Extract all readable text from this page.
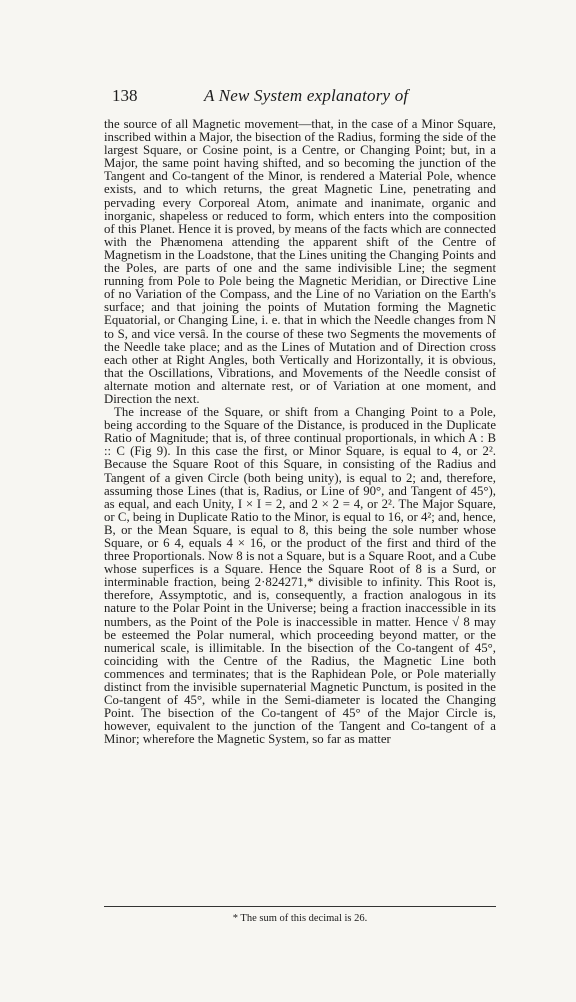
138	A New System explanatory of

the source of all Magnetic movement—that, in the case of a Minor Square, inscribed within a Major, the bisection of the Radius, forming the side of the largest Square, or Cosine point, is a Centre, or Changing Point; but, in a Major, the same point having shifted, and so becoming the junction of the Tangent and Co-tangent of the Minor, is rendered a Material Pole, whence exists, and to which returns, the great Magnetic Line, penetrating and pervading every Corporeal Atom, animate and inanimate, organic and inorganic, shapeless or reduced to form, which enters into the composition of this Planet. Hence it is proved, by means of the facts which are connected with the Phænomena attending the apparent shift of the Centre of Magnetism in the Loadstone, that the Lines uniting the Changing Points and the Poles, are parts of one and the same indivisible Line; the segment running from Pole to Pole being the Magnetic Meridian, or Directive Line of no Variation of the Compass, and the Line of no Variation on the Earth's surface; and that joining the points of Mutation forming the Magnetic Equatorial, or Changing Line, i. e. that in which the Needle changes from N to S, and vice versâ. In the course of these two Segments the movements of the Needle take place; and as the Lines of Mutation and of Direction cross each other at Right Angles, both Vertically and Horizontally, it is obvious, that the Oscillations, Vibrations, and Movements of the Needle consist of alternate motion and alternate rest, or of Variation at one moment, and Direction the next.

The increase of the Square, or shift from a Changing Point to a Pole, being according to the Square of the Distance, is produced in the Duplicate Ratio of Magnitude; that is, of three continual proportionals, in which A : B :: C (Fig 9). In this case the first, or Minor Square, is equal to 4, or 2². Because the Square Root of this Square, in consisting of the Radius and Tangent of a given Circle (both being unity), is equal to 2; and, therefore, assuming those Lines (that is, Radius, or Line of 90°, and Tangent of 45°), as equal, and each Unity, I × I = 2, and 2 × 2 = 4, or 2². The Major Square, or C, being in Duplicate Ratio to the Minor, is equal to 16, or 4²; and, hence, B, or the Mean Square, is equal to 8, this being the sole number whose Square, or 6 4, equals 4 × 16, or the product of the first and third of the three Proportionals. Now 8 is not a Square, but is a Square Root, and a Cube whose superfices is a Square. Hence the Square Root of 8 is a Surd, or interminable fraction, being 2·824271,* divisible to infinity. This Root is, therefore, Assymptotic, and is, consequently, a fraction analogous in its nature to the Polar Point in the Universe; being a fraction inaccessible in its numbers, as the Point of the Pole is inaccessible in matter. Hence √ 8 may be esteemed the Polar numeral, which proceeding beyond matter, or the numerical scale, is illimitable. In the bisection of the Co-tangent of 45°, coinciding with the Centre of the Radius, the Magnetic Line both commences and terminates; that is the Raphidean Pole, or Pole materially distinct from the invisible supernaterial Magnetic Punctum, is posited in the Co-tangent of 45°, while in the Semi-diameter is located the Changing Point. The bisection of the Co-tangent of 45° of the Major Circle is, however, equivalent to the junction of the Tangent and Co-tangent of a Minor; wherefore the Magnetic System, so far as matter

* The sum of this decimal is 26.
